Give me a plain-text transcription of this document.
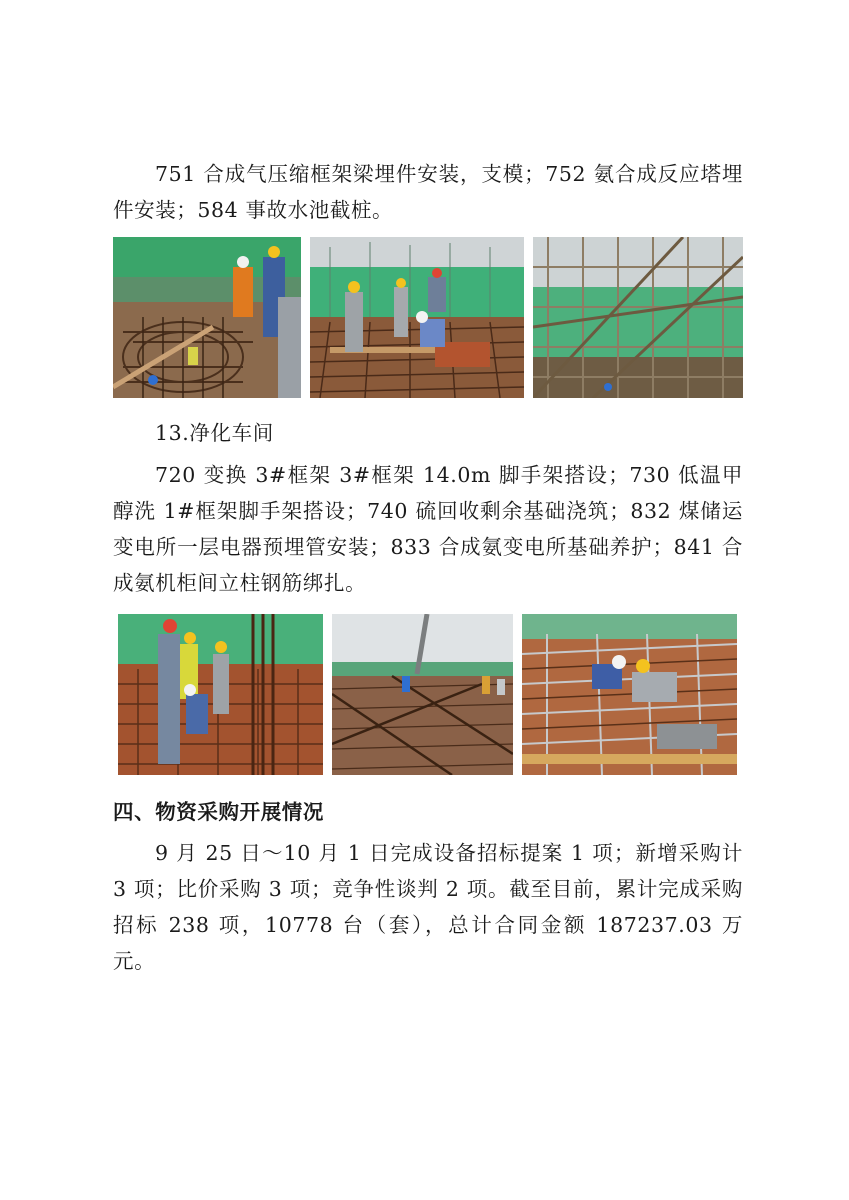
751 合成气压缩框架梁埋件安装，支模；752 氨合成反应塔埋件安装；584 事故水池截桩。

13.净化车间

720 变换 3#框架 3#框架 14.0m 脚手架搭设；730 低温甲醇洗 1#框架脚手架搭设；740 硫回收剩余基础浇筑；832 煤储运变电所一层电器预埋管安装；833 合成氨变电所基础养护；841 合成氨机柜间立柱钢筋绑扎。

四、物资采购开展情况

9 月 25 日～10 月 1 日完成设备招标提案 1 项；新增采购计 3 项；比价采购 3 项；竞争性谈判 2 项。截至目前，累计完成采购招标 238 项，10778 台（套），总计合同金额 187237.03 万元。
